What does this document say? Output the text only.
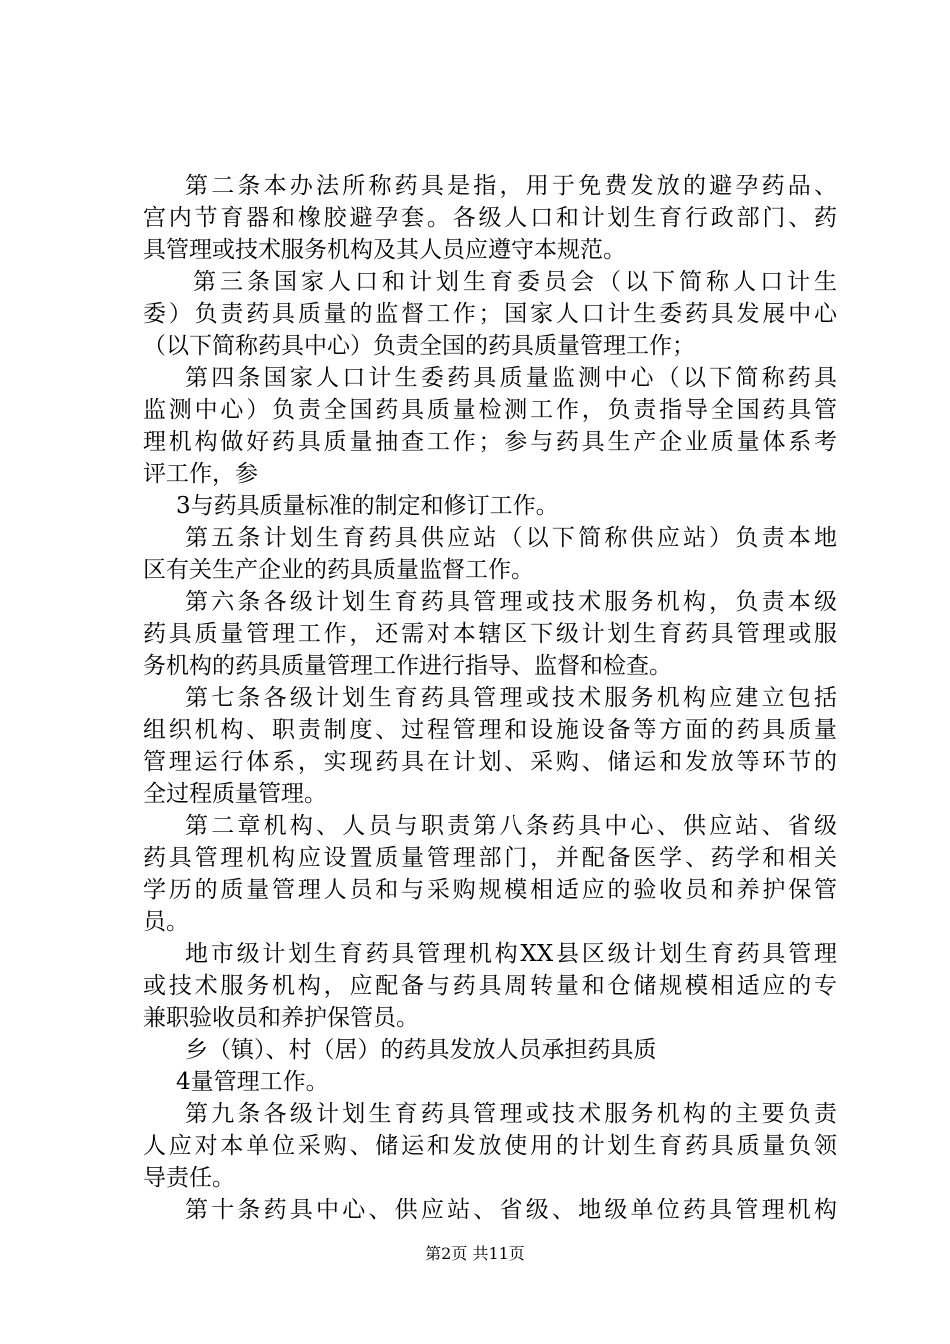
第二条本办法所称药具是指，用于免费发放的避孕药品、
宫内节育器和橡胶避孕套。各级人口和计划生育行政部门、药
具管理或技术服务机构及其人员应遵守本规范。
第三条国家人口和计划生育委员会（以下简称人口计生
委）负责药具质量的监督工作；国家人口计生委药具发展中心
（以下简称药具中心）负责全国的药具质量管理工作；
第四条国家人口计生委药具质量监测中心（以下简称药具
监测中心）负责全国药具质量检测工作，负责指导全国药具管
理机构做好药具质量抽查工作；参与药具生产企业质量体系考
评工作，参
3与药具质量标准的制定和修订工作。
第五条计划生育药具供应站（以下简称供应站）负责本地
区有关生产企业的药具质量监督工作。
第六条各级计划生育药具管理或技术服务机构，负责本级
药具质量管理工作，还需对本辖区下级计划生育药具管理或服
务机构的药具质量管理工作进行指导、监督和检查。
第七条各级计划生育药具管理或技术服务机构应建立包括
组织机构、职责制度、过程管理和设施设备等方面的药具质量
管理运行体系，实现药具在计划、采购、储运和发放等环节的
全过程质量管理。
第二章机构、人员与职责第八条药具中心、供应站、省级
药具管理机构应设置质量管理部门，并配备医学、药学和相关
学历的质量管理人员和与采购规模相适应的验收员和养护保管
员。
地市级计划生育药具管理机构XX县区级计划生育药具管理
或技术服务机构，应配备与药具周转量和仓储规模相适应的专
兼职验收员和养护保管员。
乡（镇）、村（居）的药具发放人员承担药具质
4量管理工作。
第九条各级计划生育药具管理或技术服务机构的主要负责
人应对本单位采购、储运和发放使用的计划生育药具质量负领
导责任。
第十条药具中心、供应站、省级、地级单位药具管理机构
第2页 共11页
